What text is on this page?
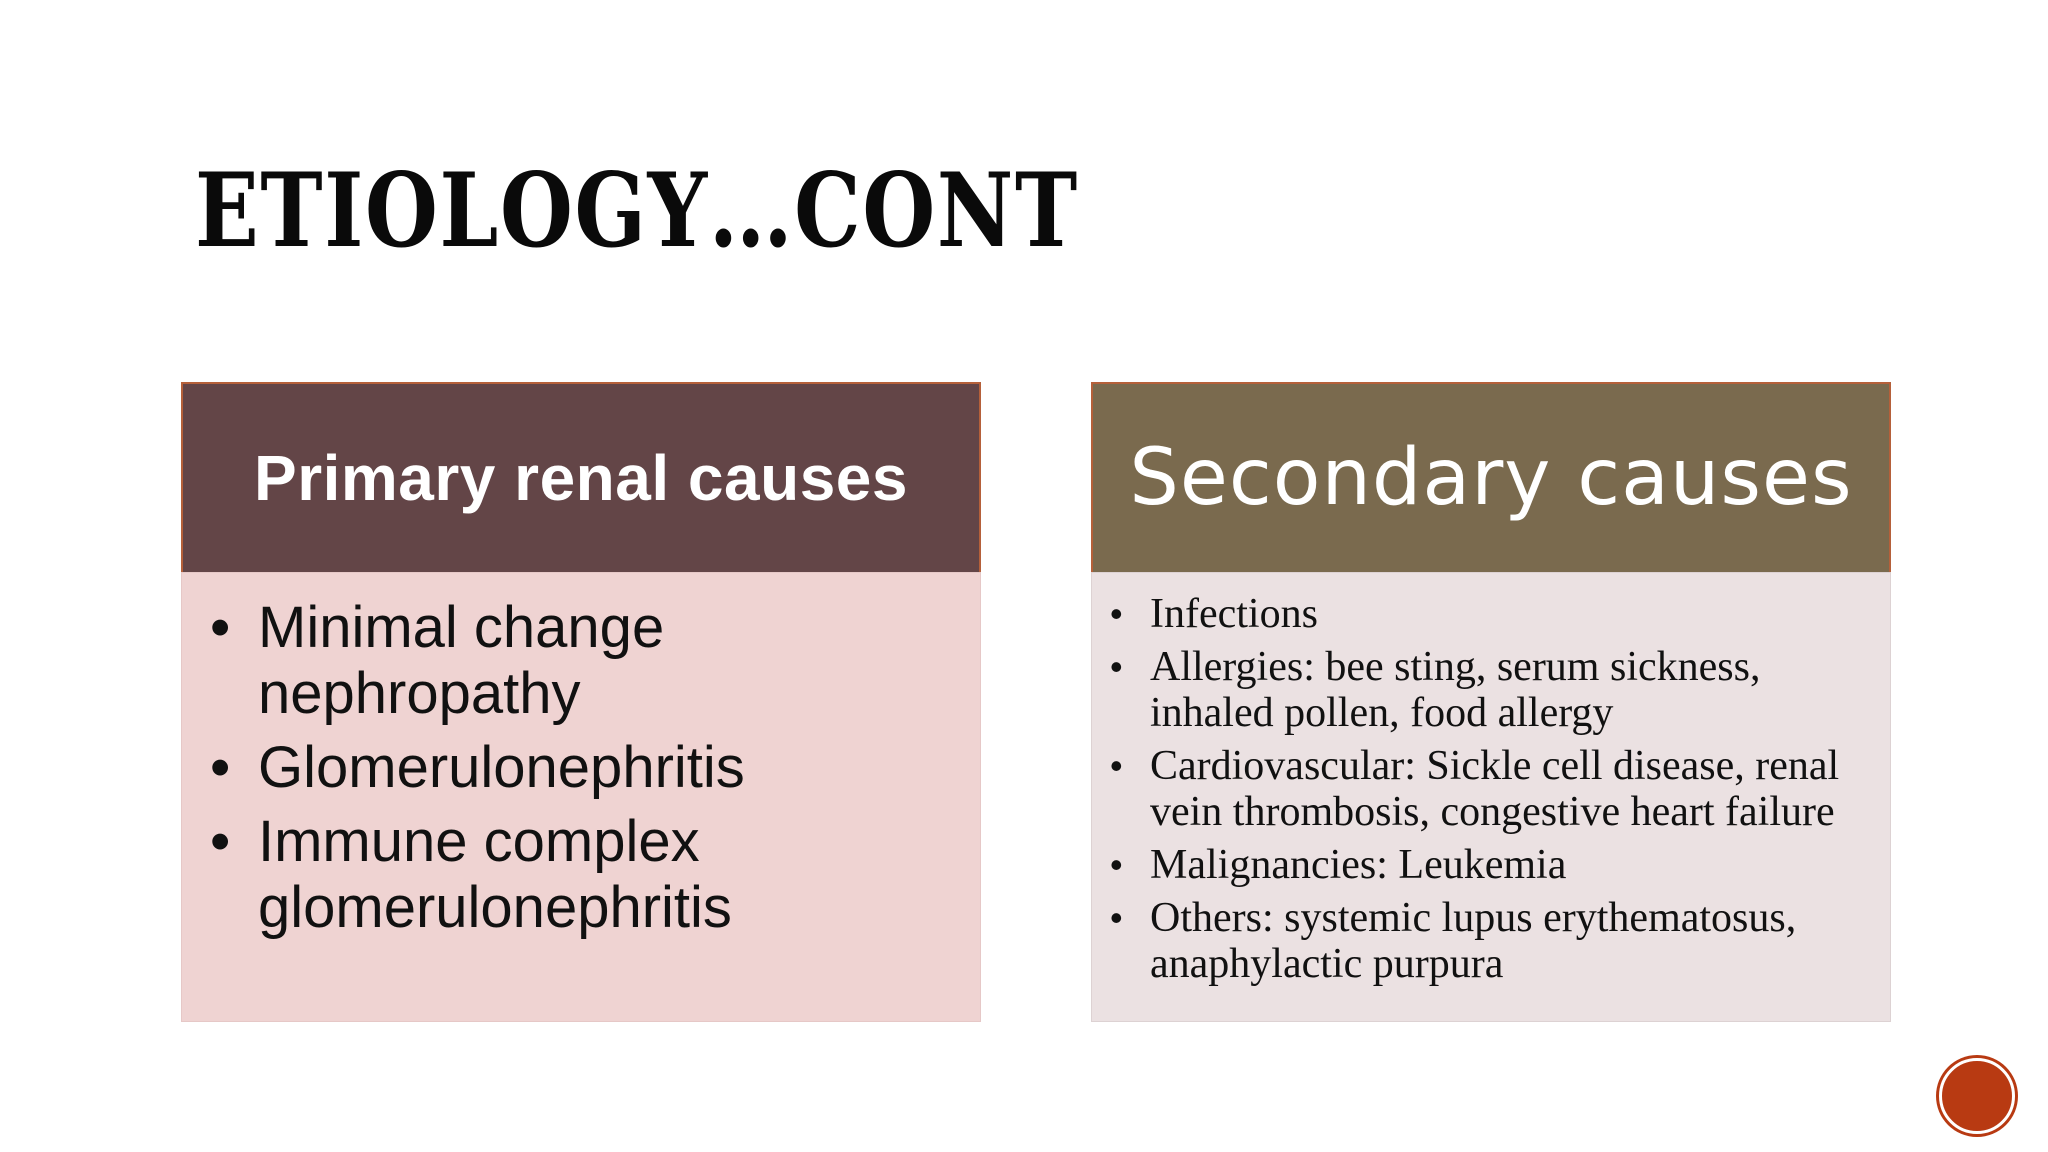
ETIOLOGY…CONT
Primary renal causes
• Minimal change nephropathy
• Glomerulonephritis
• Immune complex glomerulonephritis
Secondary causes
• Infections
• Allergies: bee sting, serum sickness, inhaled pollen, food allergy
• Cardiovascular: Sickle cell disease, renal vein thrombosis, congestive heart failure
• Malignancies: Leukemia
• Others: systemic lupus erythematosus, anaphylactic purpura
